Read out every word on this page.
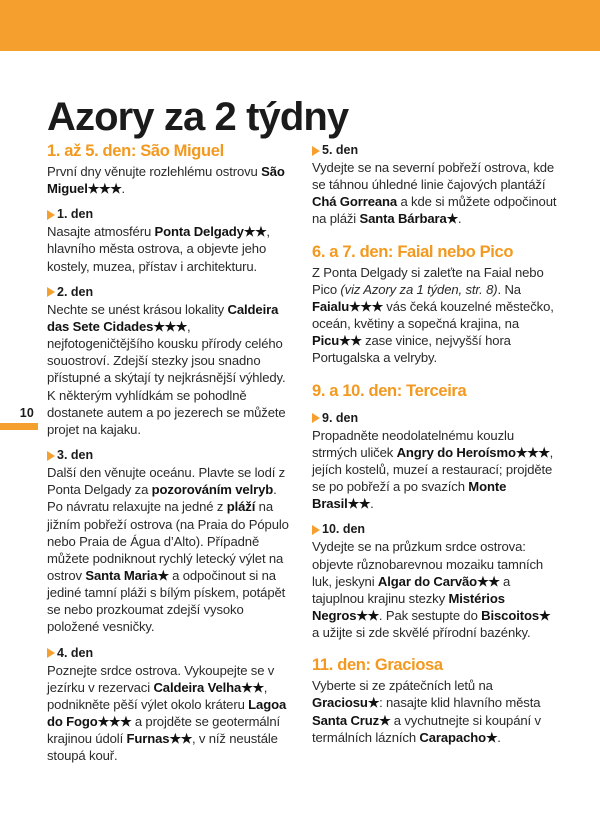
10
Azory za 2 týdny
1. až 5. den: São Miguel

První dny věnujte rozlehlému ostrovu São Miguel★★★.

1. den

Nasajte atmosféru Ponta Delgady★★, hlavního města ostrova, a objevte jeho kostely, muzea, přístav i architekturu.

2. den

Nechte se unést krásou lokality Caldeira das Sete Cidades★★★, nejfotogeničtějšího kousku přírody celého souostroví. Zdejší stezky jsou snadno přístupné a skýtají ty nejkrásnější výhledy. K některým vyhlídkám se pohodlně dostanete autem a po jezerech se můžete projet na kajaku.

3. den

Další den věnujte oceánu. Plavte se lodí z Ponta Delgady za pozorováním velryb. Po návratu relaxujte na jedné z pláží na jižním pobřeží ostrova (na Praia do Pópulo nebo Praia de Água d’Alto). Případně můžete podniknout rychlý letecký výlet na ostrov Santa Maria★ a odpočinout si na jediné tamní pláži s bílým pískem, potápět se nebo prozkoumat zdejší vysoko položené vesničky.

4. den

Poznejte srdce ostrova. Vykoupejte se v jezírku v rezervaci Caldeira Velha★★, podnikněte pěší výlet okolo kráteru Lagoa do Fogo★★★ a projděte se geotermální krajinou údolí Furnas★★, v níž neustále stoupá kouř.

5. den

Vydejte se na severní pobřeží ostrova, kde se táhnou úhledné linie čajových plantáží Chá Gorreana a kde si můžete odpočinout na pláži Santa Bárbara★.

6. a 7. den: Faial nebo Pico

Z Ponta Delgady si zaleťte na Faial nebo Pico (viz Azory za 1 týden, str. 8). Na Faialu★★★ vás čeká kouzelné městečko, oceán, květiny a sopečná krajina, na Picu★★ zase vinice, nejvyšší hora Portugalska a velryby.

9. a 10. den: Terceira
9. den

Propadněte neodolatelnému kouzlu strmých uliček Angry do Heroísmo★★★, jejích kostelů, muzeí a restaurací; projděte se po pobřeží a po svazích Monte Brasil★★.

10. den

Vydejte se na průzkum srdce ostrova: objevte různobarevnou mozaiku tamních luk, jeskyni Algar do Carvão★★ a tajuplnou krajinu stezky Mistérios Negros★★. Pak sestupte do Biscoitos★ a užijte si zde skvělé přírodní bazénky.

11. den: Graciosa

Vyberte si ze zpátečních letů na Graciosu★: nasajte klid hlavního města Santa Cruz★ a vychutnejte si koupání v termálních lázních Carapacho★.
